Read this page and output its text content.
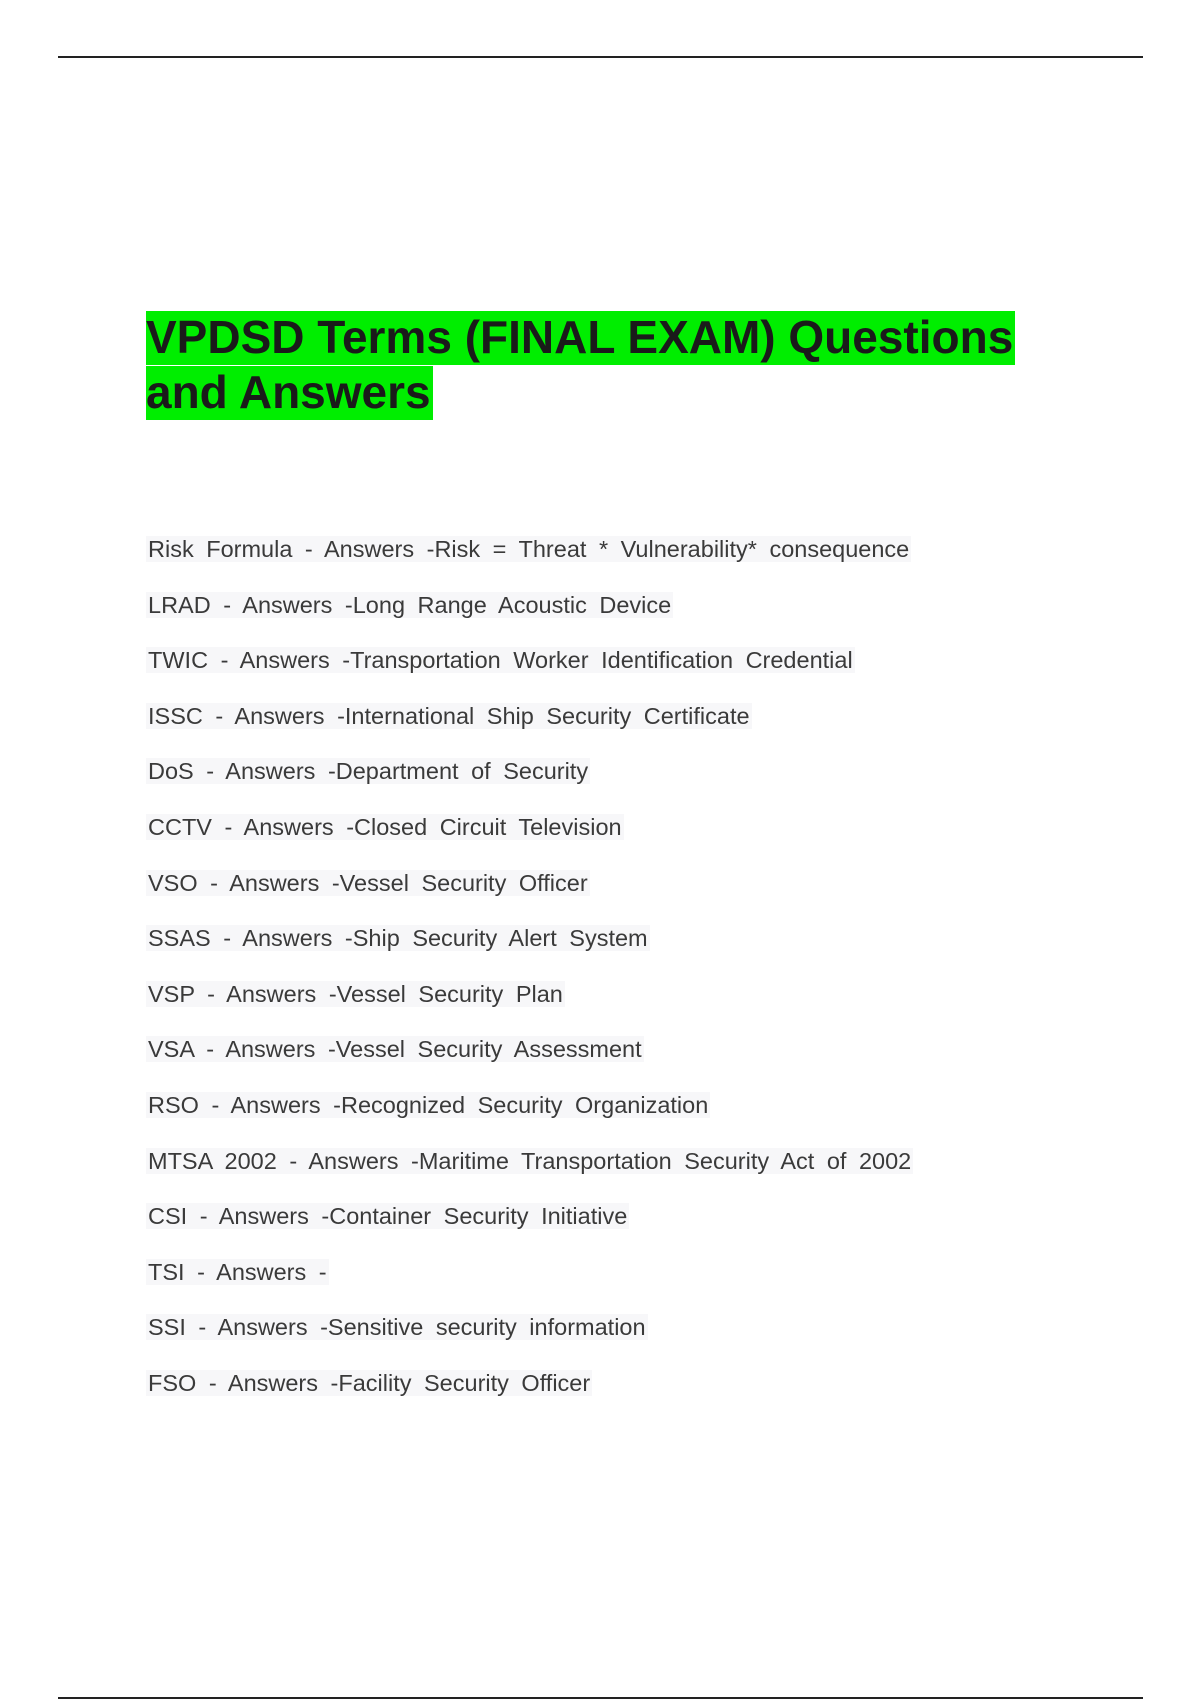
VPDSD Terms (FINAL EXAM) Questions and Answers
Risk Formula - Answers -Risk = Threat * Vulnerability* consequence
LRAD - Answers -Long Range Acoustic Device
TWIC - Answers -Transportation Worker Identification Credential
ISSC - Answers -International Ship Security Certificate
DoS - Answers -Department of Security
CCTV - Answers -Closed Circuit Television
VSO - Answers -Vessel Security Officer
SSAS - Answers -Ship Security Alert System
VSP - Answers -Vessel Security Plan
VSA - Answers -Vessel Security Assessment
RSO - Answers -Recognized Security Organization
MTSA 2002 - Answers -Maritime Transportation Security Act of 2002
CSI - Answers -Container Security Initiative
TSI - Answers -
SSI - Answers -Sensitive security information
FSO - Answers -Facility Security Officer
